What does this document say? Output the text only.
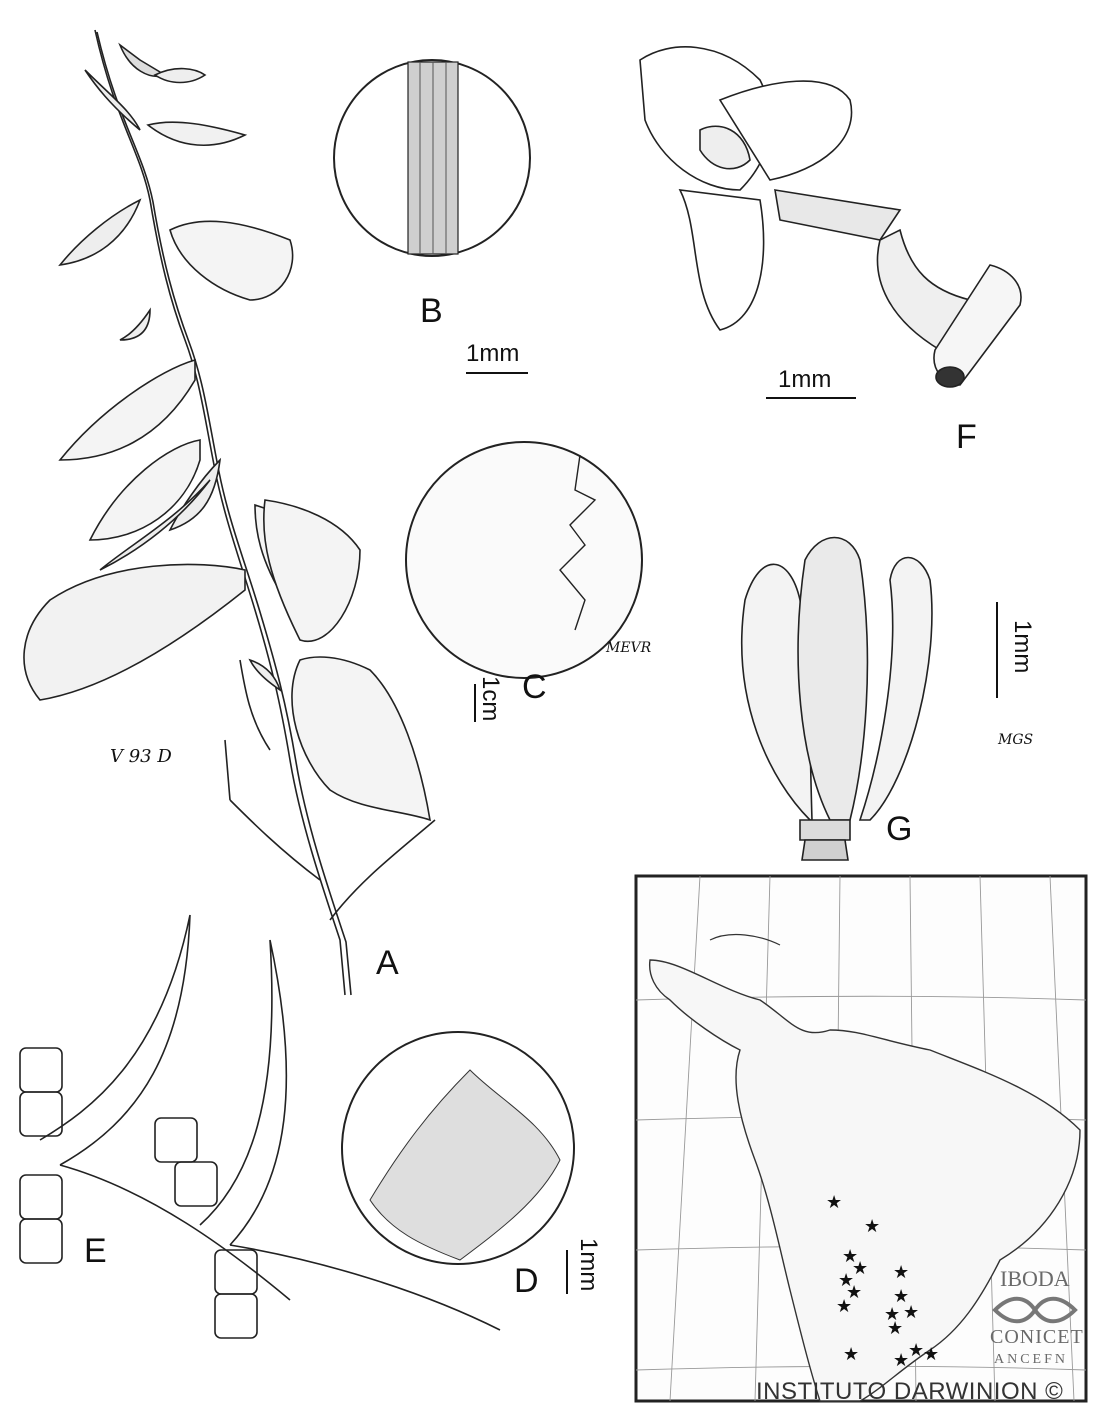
★
★
★
★
★
★
★
★
★
★
★ ★
★
★
★
★
A
B
C
D
E
F
G
1mm
1mm
1cm
1mm
1mm
V 93 D
MEVR
MGS
IBODA
CONICET
ANCEFN
INSTITUTO DARWINION ©
